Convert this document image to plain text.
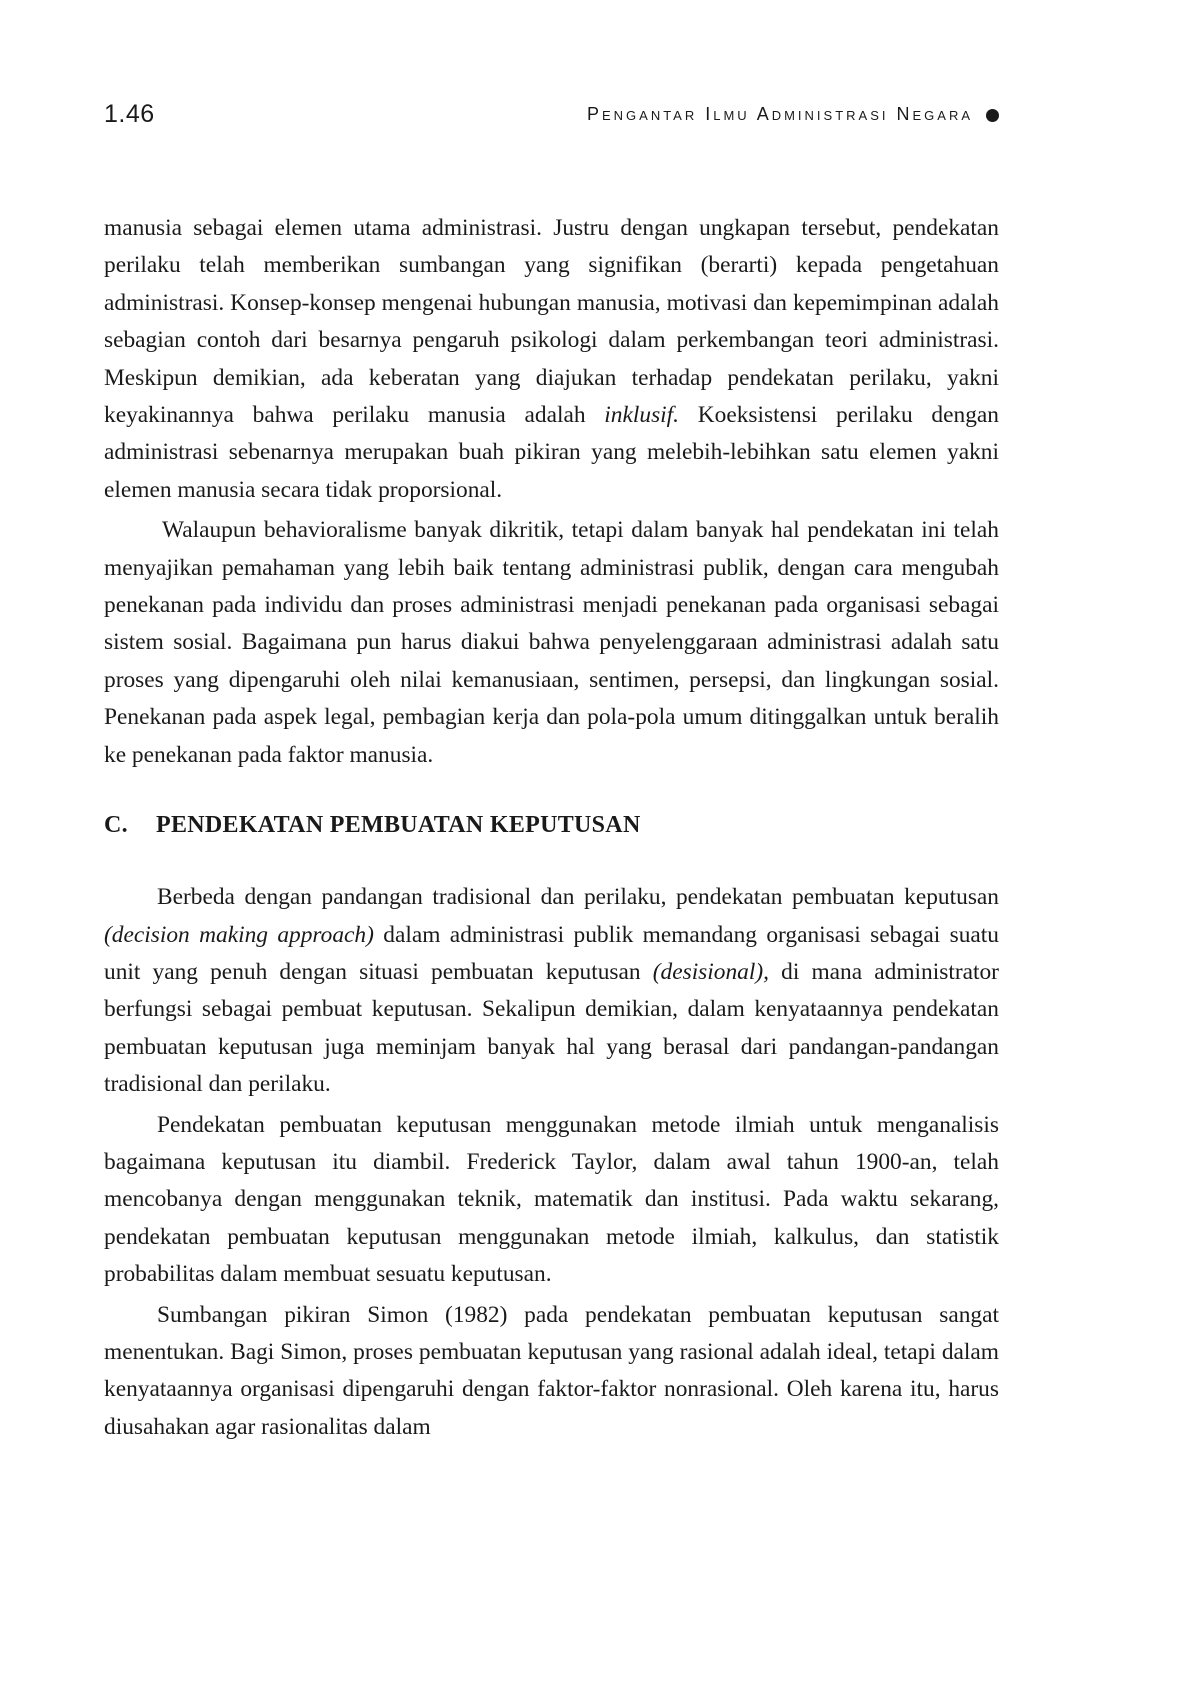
1.46	Pengantar Ilmu Administrasi Negara

manusia sebagai elemen utama administrasi. Justru dengan ungkapan tersebut, pendekatan perilaku telah memberikan sumbangan yang signifikan (berarti) kepada pengetahuan administrasi. Konsep-konsep mengenai hubungan manusia, motivasi dan kepemimpinan adalah sebagian contoh dari besarnya pengaruh psikologi dalam perkembangan teori administrasi. Meskipun demikian, ada keberatan yang diajukan terhadap pendekatan perilaku, yakni keyakinannya bahwa perilaku manusia adalah inklusif. Koeksistensi perilaku dengan administrasi sebenarnya merupakan buah pikiran yang melebih-lebihkan satu elemen yakni elemen manusia secara tidak proporsional.

Walaupun behavioralisme banyak dikritik, tetapi dalam banyak hal pendekatan ini telah menyajikan pemahaman yang lebih baik tentang administrasi publik, dengan cara mengubah penekanan pada individu dan proses administrasi menjadi penekanan pada organisasi sebagai sistem sosial. Bagaimana pun harus diakui bahwa penyelenggaraan administrasi adalah satu proses yang dipengaruhi oleh nilai kemanusiaan, sentimen, persepsi, dan lingkungan sosial. Penekanan pada aspek legal, pembagian kerja dan pola-pola umum ditinggalkan untuk beralih ke penekanan pada faktor manusia.

C.	PENDEKATAN PEMBUATAN KEPUTUSAN

Berbeda dengan pandangan tradisional dan perilaku, pendekatan pembuatan keputusan (decision making approach) dalam administrasi publik memandang organisasi sebagai suatu unit yang penuh dengan situasi pembuatan keputusan (desisional), di mana administrator berfungsi sebagai pembuat keputusan. Sekalipun demikian, dalam kenyataannya pendekatan pembuatan keputusan juga meminjam banyak hal yang berasal dari pandangan-pandangan tradisional dan perilaku.

Pendekatan pembuatan keputusan menggunakan metode ilmiah untuk menganalisis bagaimana keputusan itu diambil. Frederick Taylor, dalam awal tahun 1900-an, telah mencobanya dengan menggunakan teknik, matematik dan institusi. Pada waktu sekarang, pendekatan pembuatan keputusan menggunakan metode ilmiah, kalkulus, dan statistik probabilitas dalam membuat sesuatu keputusan.

Sumbangan pikiran Simon (1982) pada pendekatan pembuatan keputusan sangat menentukan. Bagi Simon, proses pembuatan keputusan yang rasional adalah ideal, tetapi dalam kenyataannya organisasi dipengaruhi dengan faktor-faktor nonrasional. Oleh karena itu, harus diusahakan agar rasionalitas dalam
